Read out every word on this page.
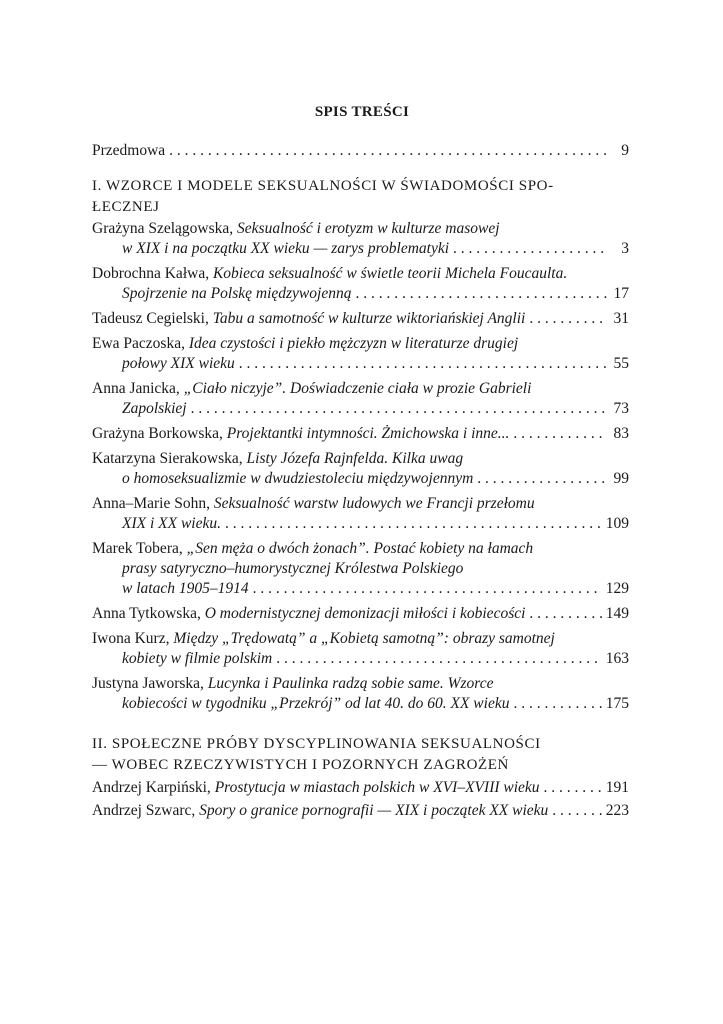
SPIS TREŚCI
Przedmowa . . .	9
I. WZORCE I MODELE SEKSUALNOŚCI W ŚWIADOMOŚCI SPO-
ŁECZNEJ
Grażyna Szelągowska, Seksualność i erotyzm w kulturze masowej
w XIX i na początku XX wieku — zarys problematyki . . .	3
Dobrochna Kałwa, Kobieca seksualność w świetle teorii Michela Foucaulta.
Spojrzenie na Polskę międzywojenną . . .	17
Tadeusz Cegielski, Tabu a samotność w kulturze wiktoriańskiej Anglii . . .	31
Ewa Paczoska, Idea czystości i piekło mężczyzn w literaturze drugiej
połowy XIX wieku . . .	55
Anna Janicka, „Ciało niczyje”. Doświadczenie ciała w prozie Gabrieli
Zapolskiej . . .	73
Grażyna Borkowska, Projektantki intymności. Żmichowska i inne... . . .	83
Katarzyna Sierakowska, Listy Józefa Rajnfelda. Kilka uwag
o homoseksualizmie w dwudziestoleciu międzywojennym . . .	99
Anna–Marie Sohn, Seksualność warstw ludowych we Francji przełomu
XIX i XX wieku. . . .	109
Marek Tobera, „Sen męża o dwóch żonach”. Postać kobiety na łamach
prasy satyryczno–humorystycznej Królestwa Polskiego
w latach 1905–1914 . . .	129
Anna Tytkowska, O modernistycznej demonizacji miłości i kobiecości . . .	149
Iwona Kurz, Między „Trędowatą” a „Kobietą samotną”: obrazy samotnej
kobiety w filmie polskim . . .	163
Justyna Jaworska, Lucynka i Paulinka radzą sobie same. Wzorce
kobiecości w tygodniku „Przekrój” od lat 40. do 60. XX wieku . . .	175
II. SPOŁECZNE PRÓBY DYSCYPLINOWANIA SEKSUALNOŚCI
— WOBEC RZECZYWISTYCH I POZORNYCH ZAGROŻEŃ
Andrzej Karpiński, Prostytucja w miastach polskich w XVI–XVIII wieku . . .	191
Andrzej Szwarc, Spory o granice pornografii — XIX i początek XX wieku . . .	223
